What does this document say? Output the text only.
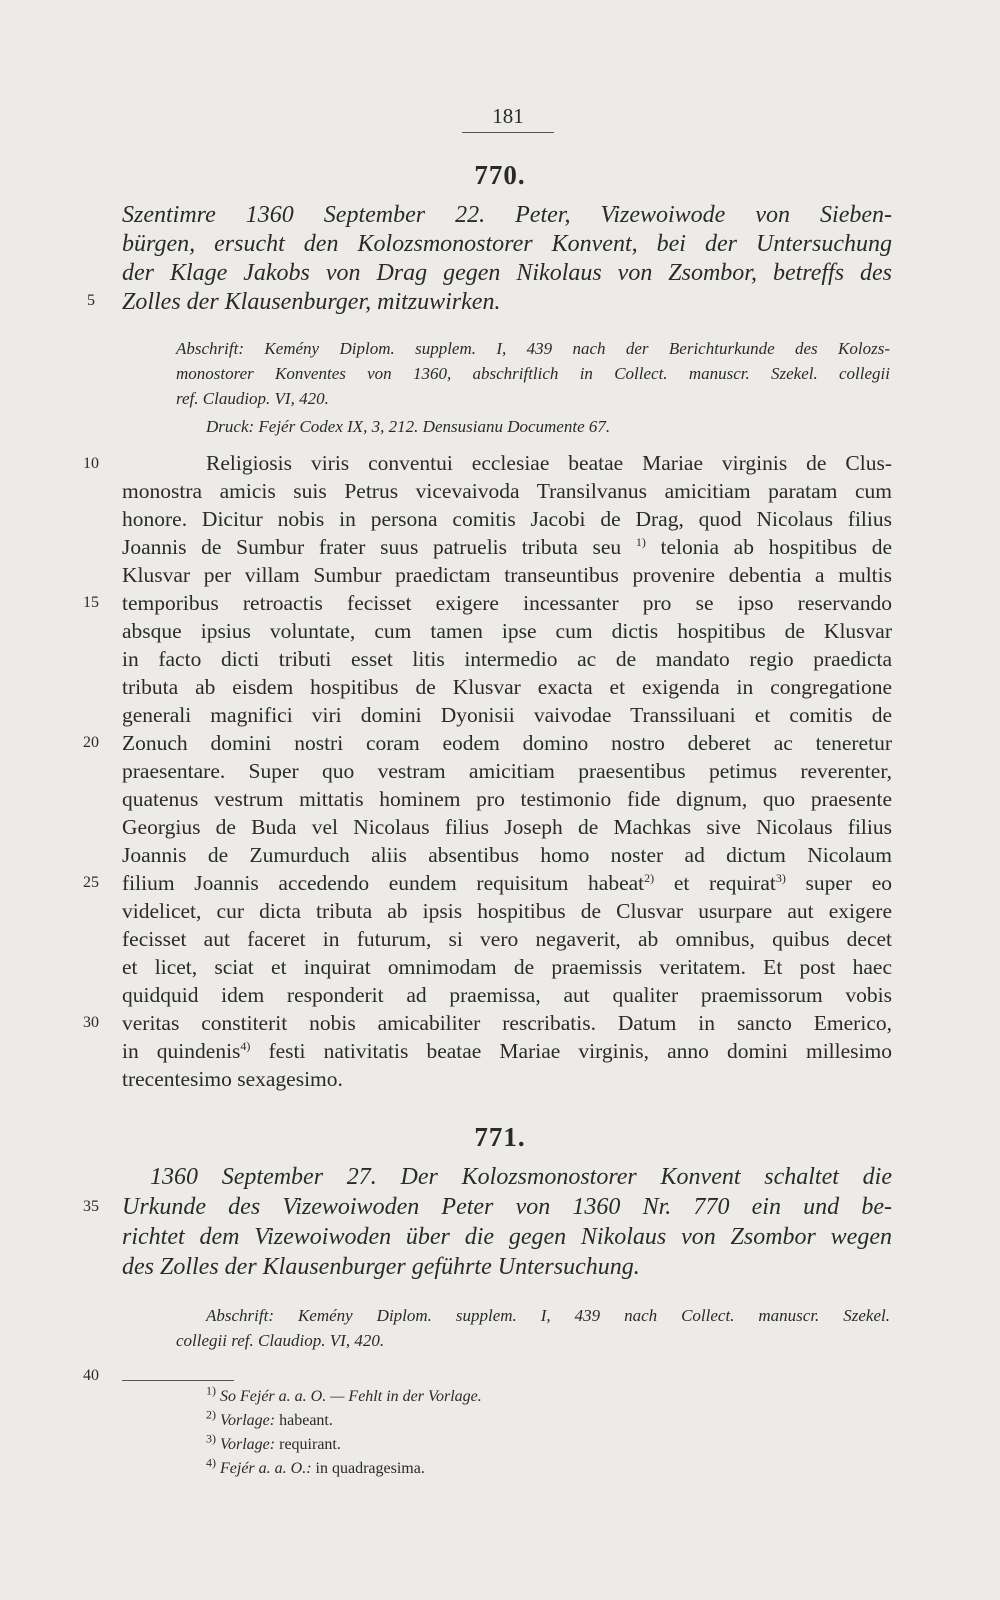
181
770.
Szentimre 1360 September 22. Peter, Vizewoiwode von Sieben-
bürgen, ersucht den Kolozsmonostorer Konvent, bei der Untersuchung
der Klage Jakobs von Drag gegen Nikolaus von Zsombor, betreffs des
Zolles der Klausenburger, mitzuwirken.
Abschrift: Kemény Diplom. supplem. I, 439 nach der Berichturkunde des Kolozs-
monostorer Konventes von 1360, abschriftlich in Collect. manuscr. Szekel. collegii
ref. Claudiop. VI, 420.
Druck: Fejér Codex IX, 3, 212. Densusianu Documente 67.
Religiosis viris conventui ecclesiae beatae Mariae virginis de Clus-
monostra amicis suis Petrus vicevaivoda Transilvanus amicitiam paratam cum
honore. Dicitur nobis in persona comitis Jacobi de Drag, quod Nicolaus filius
Joannis de Sumbur frater suus patruelis tributa seu $^{1)}$ telonia ab hospitibus de
Klusvar per villam Sumbur praedictam transeuntibus provenire debentia a multis
temporibus retroactis fecisset exigere incessanter pro se ipso reservando
absque ipsius voluntate, cum tamen ipse cum dictis hospitibus de Klusvar
in facto dicti tributi esset litis intermedio ac de mandato regio praedicta
tributa ab eisdem hospitibus de Klusvar exacta et exigenda in congregatione
generali magnifici viri domini Dyonisii vaivodae Transsiluani et comitis de
Zonuch domini nostri coram eodem domino nostro deberet ac teneretur
praesentare. Super quo vestram amicitiam praesentibus petimus reverenter,
quatenus vestrum mittatis hominem pro testimonio fide dignum, quo praesente
Georgius de Buda vel Nicolaus filius Joseph de Machkas sive Nicolaus filius
Joannis de Zumurduch aliis absentibus homo noster ad dictum Nicolaum
filium Joannis accedendo eundem requisitum habeat$^{2)}$ et requirat$^{3)}$ super eo
videlicet, cur dicta tributa ab ipsis hospitibus de Clusvar usurpare aut exigere
fecisset aut faceret in futurum, si vero negaverit, ab omnibus, quibus decet
et licet, sciat et inquirat omnimodam de praemissis veritatem. Et post haec
quidquid idem responderit ad praemissa, aut qualiter praemissorum vobis
veritas constiterit nobis amicabiliter rescribatis. Datum in sancto Emerico,
in quindenis$^{4)}$ festi nativitatis beatae Mariae virginis, anno domini millesimo
trecentesimo sexagesimo.
771.
1360 September 27. Der Kolozsmonostorer Konvent schaltet die
Urkunde des Vizewoiwoden Peter von 1360 Nr. 770 ein und be-
richtet dem Vizewoiwoden über die gegen Nikolaus von Zsombor wegen
des Zolles der Klausenburger geführte Untersuchung.
Abschrift: Kemény Diplom. supplem. I, 439 nach Collect. manuscr. Szekel.
collegii ref. Claudiop. VI, 420.
$^{1)}$ So Fejér a. a. O. — Fehlt in der Vorlage.
$^{2)}$ Vorlage: habeant.
$^{3)}$ Vorlage: requirant.
$^{4)}$ Fejér a. a. O.: in quadragesima.
5
10
15
20
25
30
35
40
